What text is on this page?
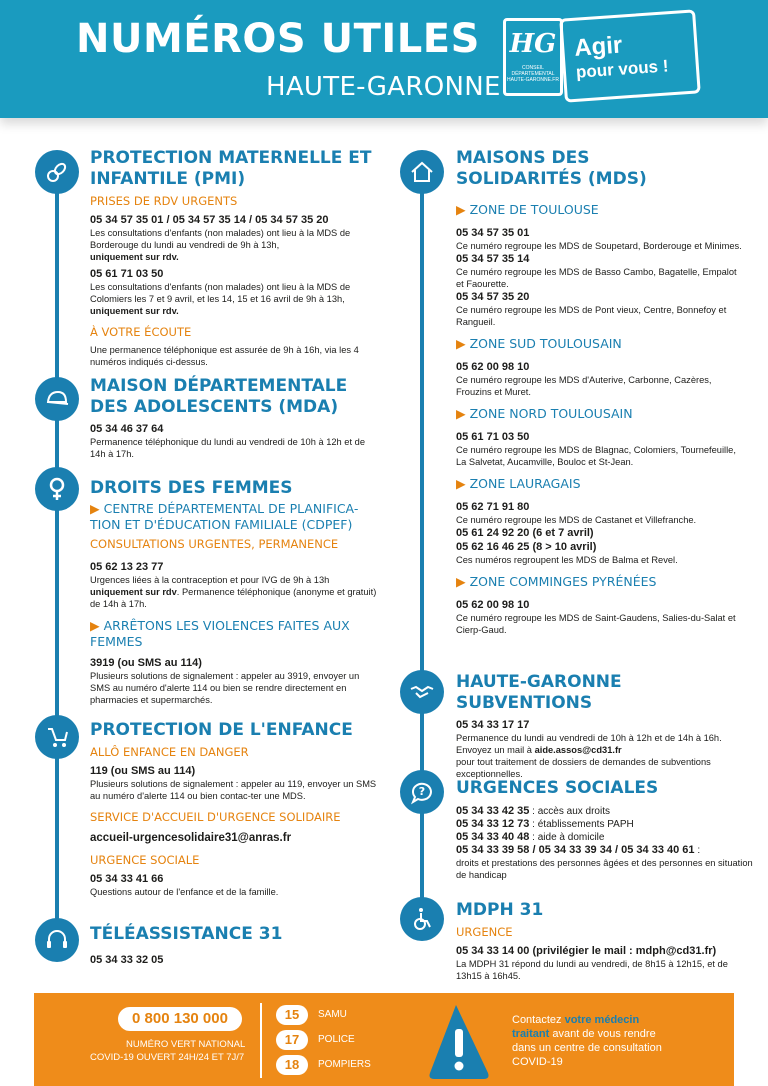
NUMÉROS UTILES
HAUTE-GARONNE
HG
CONSEIL DÉPARTEMENTAL HAUTE-GARONNE.FR
Agir
pour vous !
?
PROTECTION MATERNELLE ET INFANTILE (PMI)
PRISES DE RDV URGENTS
05 34 57 35 01 / 05 34 57 35 14 / 05 34 57 35 20
Les consultations d'enfants (non malades) ont lieu à la MDS de Borderouge du lundi au vendredi de 9h à 13h,
uniquement sur rdv.
05 61 71 03 50
Les consultations d'enfants (non malades) ont lieu à la MDS de Colomiers les 7 et 9 avril, et les 14, 15 et 16 avril de 9h à 13h, uniquement sur rdv.
À VOTRE ÉCOUTE
Une permanence téléphonique est assurée de 9h à 16h, via les 4 numéros indiqués ci-dessus.
MAISON DÉPARTEMENTALE DES ADOLESCENTS (MDA)
05 34 46 37 64
Permanence téléphonique du lundi au vendredi de 10h à 12h et de 14h à 17h.
DROITS DES FEMMES
▶ CENTRE DÉPARTEMENTAL DE PLANIFICA-TION ET D'ÉDUCATION FAMILIALE (CDPEF)
CONSULTATIONS URGENTES, PERMANENCE
05 62 13 23 77
Urgences liées à la contraception et pour IVG de 9h à 13h uniquement sur rdv. Permanence téléphonique (anonyme et gratuit) de 14h à 17h.
▶ ARRÊTONS LES VIOLENCES FAITES AUX FEMMES
3919 (ou SMS au 114)
Plusieurs solutions de signalement : appeler au 3919, envoyer un SMS au numéro d'alerte 114 ou bien se rendre directement en pharmacies et supermarchés.
PROTECTION DE L'ENFANCE
ALLÔ ENFANCE EN DANGER
119 (ou SMS au 114)
Plusieurs solutions de signalement : appeler au 119, envoyer un SMS au numéro d'alerte 114 ou bien contac-ter une MDS.
SERVICE D'ACCUEIL D'URGENCE SOLIDAIRE
accueil-urgencesolidaire31@anras.fr
URGENCE SOCIALE
05 34 33 41 66
Questions autour de l'enfance et de la famille.
TÉLÉASSISTANCE 31
05 34 33 32 05
MAISONS DES SOLIDARITÉS (MDS)
▶ ZONE DE TOULOUSE
05 34 57 35 01
Ce numéro regroupe les MDS de Soupetard, Borderouge et Minimes.
05 34 57 35 14
Ce numéro regroupe les MDS de Basso Cambo, Bagatelle, Empalot et Faourette.
05 34 57 35 20
Ce numéro regroupe les MDS de Pont vieux, Centre, Bonnefoy et Rangueil.
▶ ZONE SUD TOULOUSAIN
05 62 00 98 10
Ce numéro regroupe les MDS d'Auterive, Carbonne, Cazères, Frouzins et Muret.
▶ ZONE NORD TOULOUSAIN
05 61 71 03 50
Ce numéro regroupe les MDS de Blagnac, Colomiers, Tournefeuille, La Salvetat, Aucamville, Bouloc et St-Jean.
▶ ZONE LAURAGAIS
05 62 71 91 80
Ce numéro regroupe les MDS de Castanet et Villefranche.
05 61 24 92 20 (6 et 7 avril)
05 62 16 46 25 (8 > 10 avril)
Ces numéros regroupent les MDS de Balma et Revel.
▶ ZONE COMMINGES PYRÉNÉES
05 62 00 98 10
Ce numéro regroupe les MDS de Saint-Gaudens, Salies-du-Salat et Cierp-Gaud.
HAUTE-GARONNE SUBVENTIONS
05 34 33 17 17
Permanence du lundi au vendredi de 10h à 12h et de 14h à 16h. Envoyez un mail à aide.assos@cd31.fr
pour tout traitement de dossiers de demandes de subventions exceptionnelles.
URGENCES SOCIALES
05 34 33 42 35 : accès aux droits
05 34 33 12 73 : établissements PAPH
05 34 33 40 48 : aide à domicile
05 34 33 39 58 / 05 34 33 39 34 / 05 34 33 40 61 :
droits et prestations des personnes âgées et des personnes en situation de handicap
MDPH 31
URGENCE
05 34 33 14 00 (privilégier le mail : mdph@cd31.fr)
La MDPH 31 répond du lundi au vendredi, de 8h15 à 12h15, et de 13h15 à 16h45.
0 800 130 000
NUMÉRO VERT NATIONAL
COVID-19 OUVERT 24H/24 ET 7J/7
15	SAMU
17	POLICE
18	POMPIERS
Contactez votre médecin traitant avant de vous rendre dans un centre de consultation COVID-19
